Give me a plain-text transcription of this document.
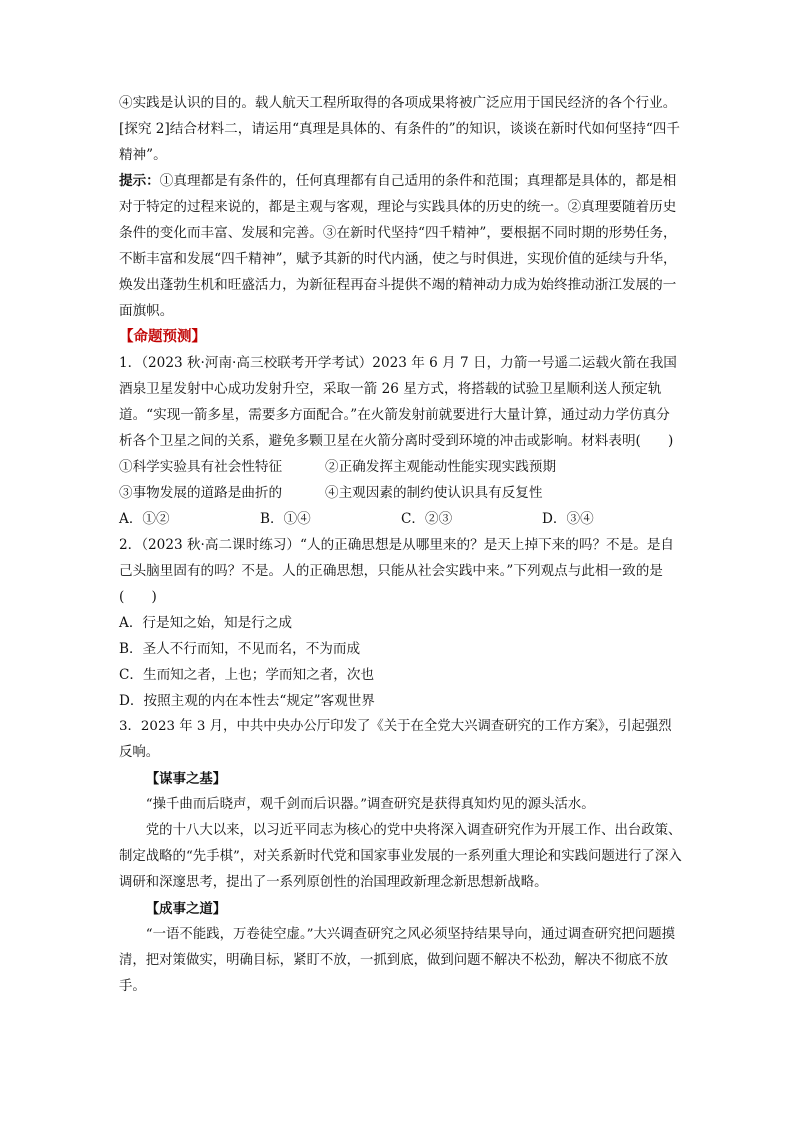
④实践是认识的目的。载人航天工程所取得的各项成果将被广泛应用于国民经济的各个行业。

[探究 2]结合材料二，请运用“真理是具体的、有条件的”的知识，谈谈在新时代如何坚持“四千精神”。

提示：①真理都是有条件的，任何真理都有自己适用的条件和范围；真理都是具体的，都是相对于特定的过程来说的，都是主观与客观，理论与实践具体的历史的统一。②真理要随着历史条件的变化而丰富、发展和完善。③在新时代坚持“四千精神”，要根据不同时期的形势任务，不断丰富和发展“四千精神”，赋予其新的时代内涵，使之与时俱进，实现价值的延续与升华，焕发出蓬勃生机和旺盛活力，为新征程再奋斗提供不竭的精神动力成为始终推动浙江发展的一面旗帜。

【命题预测】

1．（2023 秋·河南·高三校联考开学考试）2023 年 6 月 7 日，力箭一号遥二运载火箭在我国酒泉卫星发射中心成功发射升空，采取一箭 26 星方式，将搭载的试验卫星顺利送人预定轨道。“实现一箭多星，需要多方面配合。”在火箭发射前就要进行大量计算，通过动力学仿真分析各个卫星之间的关系，避免多颗卫星在火箭分离时受到环境的冲击或影响。材料表明(　　)

①科学实验具有社会性特征	②正确发挥主观能动性能实现实践预期
③事物发展的道路是曲折的	④主观因素的制约使认识具有反复性
A．①②	B．①④	C．②③	D．③④

2．（2023 秋·高二课时练习）“人的正确思想是从哪里来的？是天上掉下来的吗？不是。是自己头脑里固有的吗？不是。人的正确思想，只能从社会实践中来。”下列观点与此相一致的是(　　)

A．行是知之始，知是行之成

B．圣人不行而知，不见而名，不为而成

C．生而知之者，上也；学而知之者，次也

D．按照主观的内在本性去“规定”客观世界

3．2023 年 3 月，中共中央办公厅印发了《关于在全党大兴调查研究的工作方案》，引起强烈反响。

【谋事之基】

“操千曲而后晓声，观千剑而后识器。”调查研究是获得真知灼见的源头活水。

党的十八大以来，以习近平同志为核心的党中央将深入调查研究作为开展工作、出台政策、制定战略的“先手棋”，对关系新时代党和国家事业发展的一系列重大理论和实践问题进行了深入调研和深邃思考，提出了一系列原创性的治国理政新理念新思想新战略。

【成事之道】

“一语不能践，万卷徒空虚。”大兴调查研究之风必须坚持结果导向，通过调查研究把问题摸清，把对策做实，明确目标，紧盯不放，一抓到底，做到问题不解决不松劲，解决不彻底不放手。
